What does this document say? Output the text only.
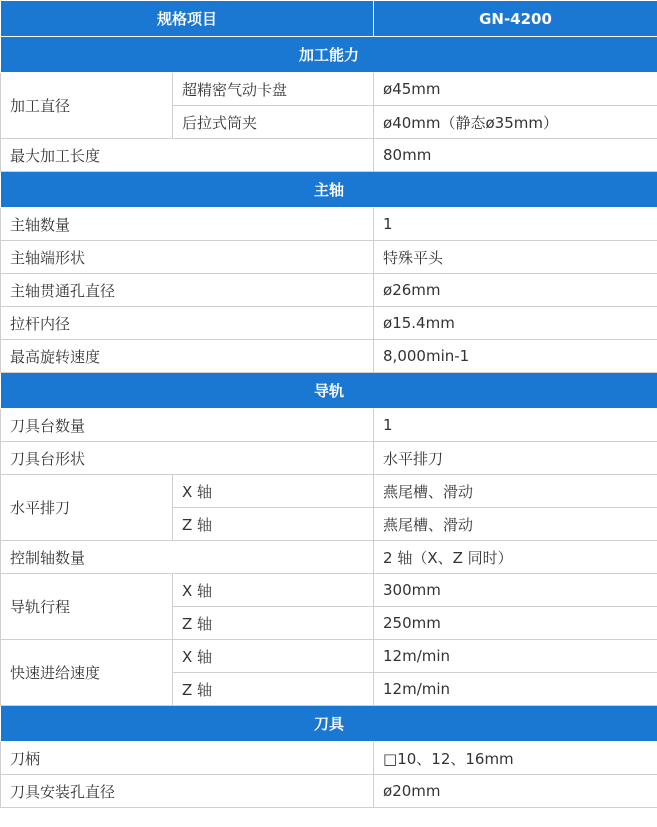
规格项目		GN-4200
加工能力		
加工直径	超精密气动卡盘	ø45mm
	后拉式筒夹	ø40mm（静态ø35mm）
最大加工长度		80mm
主轴		
主轴数量		1
主轴端形状		特殊平头
主轴贯通孔直径		ø26mm
拉杆内径		ø15.4mm
最高旋转速度		8,000min-1
导轨		
刀具台数量		1
刀具台形状		水平排刀
水平排刀	X 轴	燕尾槽、滑动
	Z 轴	燕尾槽、滑动
控制轴数量		2 轴（X、Z 同时）
导轨行程	X 轴	300mm
	Z 轴	250mm
快速进给速度	X 轴	12m/min
	Z 轴	12m/min
刀具		
刀柄		□10、12、16mm
刀具安装孔直径		ø20mm
